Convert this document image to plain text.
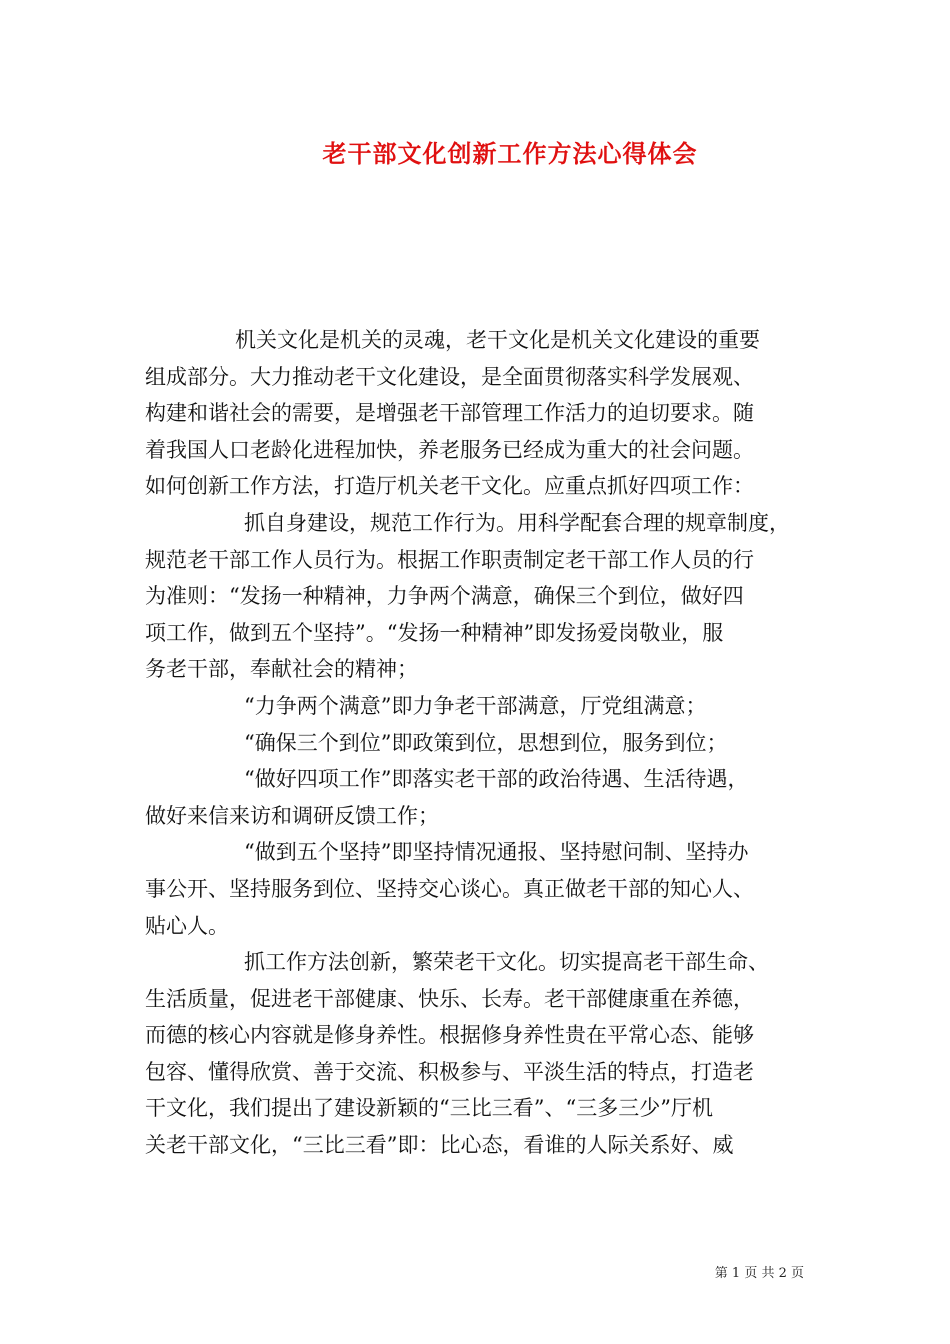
老干部文化创新工作方法心得体会
机关文化是机关的灵魂，老干文化是机关文化建设的重要
组成部分。大力推动老干文化建设，是全面贯彻落实科学发展观、
构建和谐社会的需要，是增强老干部管理工作活力的迫切要求。随
着我国人口老龄化进程加快，养老服务已经成为重大的社会问题。
如何创新工作方法，打造厅机关老干文化。应重点抓好四项工作：
抓自身建设，规范工作行为。用科学配套合理的规章制度，
规范老干部工作人员行为。根据工作职责制定老干部工作人员的行
为准则：“发扬一种精神，力争两个满意，确保三个到位，做好四
项工作，做到五个坚持”。“发扬一种精神”即发扬爱岗敬业，服
务老干部，奉献社会的精神；
“力争两个满意”即力争老干部满意，厅党组满意；
“确保三个到位”即政策到位，思想到位，服务到位；
“做好四项工作”即落实老干部的政治待遇、生活待遇，
做好来信来访和调研反馈工作；
“做到五个坚持”即坚持情况通报、坚持慰问制、坚持办
事公开、坚持服务到位、坚持交心谈心。真正做老干部的知心人、
贴心人。
抓工作方法创新，繁荣老干文化。切实提高老干部生命、
生活质量，促进老干部健康、快乐、长寿。老干部健康重在养德，
而德的核心内容就是修身养性。根据修身养性贵在平常心态、能够
包容、懂得欣赏、善于交流、积极参与、平淡生活的特点，打造老
干文化，我们提出了建设新颖的“三比三看”、“三多三少”厅机
关老干部文化，“三比三看”即：比心态，看谁的人际关系好、威
第 1 页 共 2 页
